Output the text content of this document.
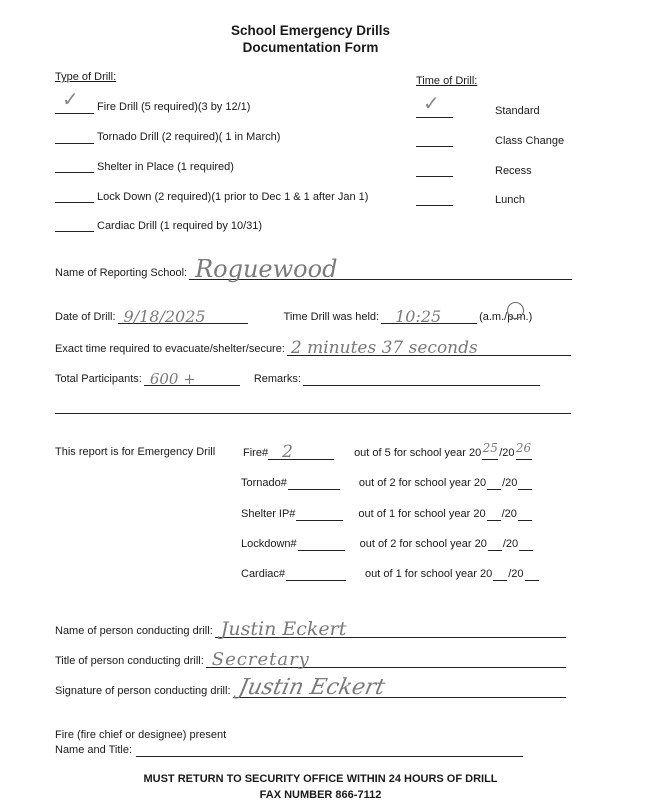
School Emergency Drills
Documentation Form
Type of Drill:	Time of Drill:
✓ Fire Drill (5 required)(3 by 12/1)
Tornado Drill (2 required)( 1 in March)
Shelter in Place (1 required)
Lock Down (2 required)(1 prior to Dec 1 & 1 after Jan 1)
Cardiac Drill (1 required by 10/31)
✓	Standard
Class Change
Recess
Lunch
Name of Reporting School: Roguewood
Date of Drill: 9/18/2025	Time Drill was held: 10:25	(a.m./p.m.)
Exact time required to evacuate/shelter/secure: 2 minutes 37 seconds
Total Participants: 600 +	Remarks:
This report is for Emergency Drill	Fire# 2	out of 5 for school year 20 25 /20 26
Tornado#	out of 2 for school year 20 /20
Shelter IP#	out of 1 for school year 20 /20
Lockdown#	out of 2 for school year 20 /20
Cardiac#	out of 1 for school year 20 /20
Name of person conducting drill: Justin Eckert
Title of person conducting drill: Secretary
Signature of person conducting drill: Justin Eckert
Fire (fire chief or designee) present
Name and Title:
MUST RETURN TO SECURITY OFFICE WITHIN 24 HOURS OF DRILL
FAX NUMBER 866-7112
